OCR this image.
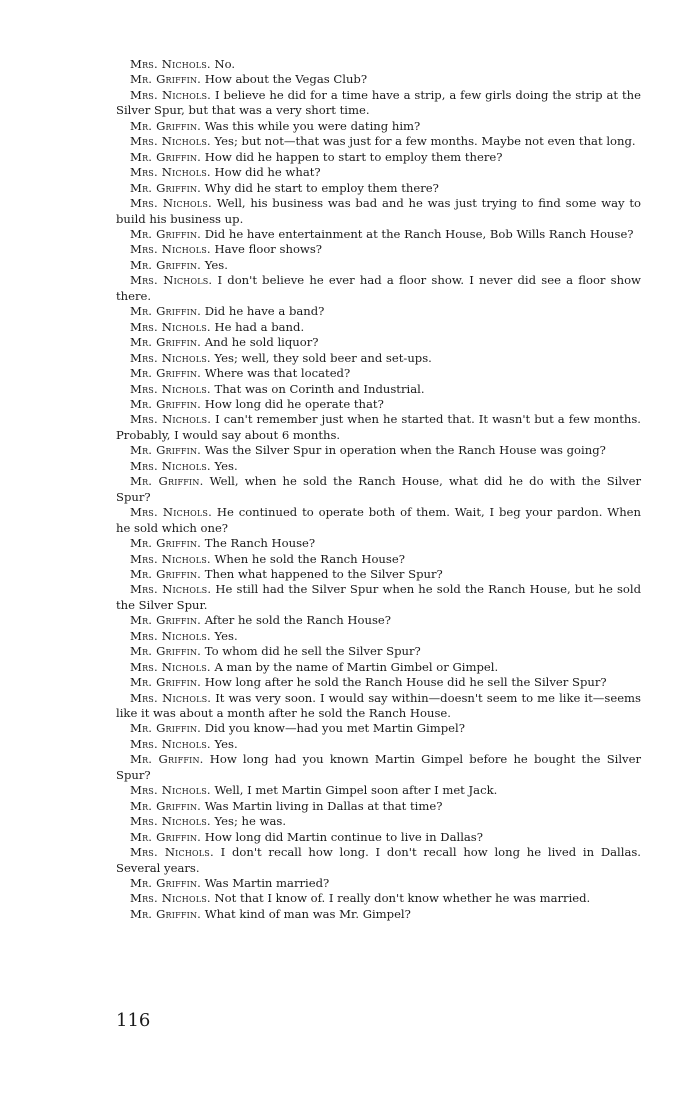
Mrs. Nichols. No.

Mr. Griffin. How about the Vegas Club?

Mrs. Nichols. I believe he did for a time have a strip, a few girls doing the strip at the Silver Spur, but that was a very short time.

Mr. Griffin. Was this while you were dating him?

Mrs. Nichols. Yes; but not—that was just for a few months. Maybe not even that long.

Mr. Griffin. How did he happen to start to employ them there?

Mrs. Nichols. How did he what?

Mr. Griffin. Why did he start to employ them there?

Mrs. Nichols. Well, his business was bad and he was just trying to find some way to build his business up.

Mr. Griffin. Did he have entertainment at the Ranch House, Bob Wills Ranch House?

Mrs. Nichols. Have floor shows?

Mr. Griffin. Yes.

Mrs. Nichols. I don't believe he ever had a floor show. I never did see a floor show there.

Mr. Griffin. Did he have a band?

Mrs. Nichols. He had a band.

Mr. Griffin. And he sold liquor?

Mrs. Nichols. Yes; well, they sold beer and set-ups.

Mr. Griffin. Where was that located?

Mrs. Nichols. That was on Corinth and Industrial.

Mr. Griffin. How long did he operate that?

Mrs. Nichols. I can't remember just when he started that. It wasn't but a few months. Probably, I would say about 6 months.

Mr. Griffin. Was the Silver Spur in operation when the Ranch House was going?

Mrs. Nichols. Yes.

Mr. Griffin. Well, when he sold the Ranch House, what did he do with the Silver Spur?

Mrs. Nichols. He continued to operate both of them. Wait, I beg your pardon. When he sold which one?

Mr. Griffin. The Ranch House?

Mrs. Nichols. When he sold the Ranch House?

Mr. Griffin. Then what happened to the Silver Spur?

Mrs. Nichols. He still had the Silver Spur when he sold the Ranch House, but he sold the Silver Spur.

Mr. Griffin. After he sold the Ranch House?

Mrs. Nichols. Yes.

Mr. Griffin. To whom did he sell the Silver Spur?

Mrs. Nichols. A man by the name of Martin Gimbel or Gimpel.

Mr. Griffin. How long after he sold the Ranch House did he sell the Silver Spur?

Mrs. Nichols. It was very soon. I would say within—doesn't seem to me like it—seems like it was about a month after he sold the Ranch House.

Mr. Griffin. Did you know—had you met Martin Gimpel?

Mrs. Nichols. Yes.

Mr. Griffin. How long had you known Martin Gimpel before he bought the Silver Spur?

Mrs. Nichols. Well, I met Martin Gimpel soon after I met Jack.

Mr. Griffin. Was Martin living in Dallas at that time?

Mrs. Nichols. Yes; he was.

Mr. Griffin. How long did Martin continue to live in Dallas?

Mrs. Nichols. I don't recall how long. I don't recall how long he lived in Dallas. Several years.

Mr. Griffin. Was Martin married?

Mrs. Nichols. Not that I know of. I really don't know whether he was married.

Mr. Griffin. What kind of man was Mr. Gimpel?

116
